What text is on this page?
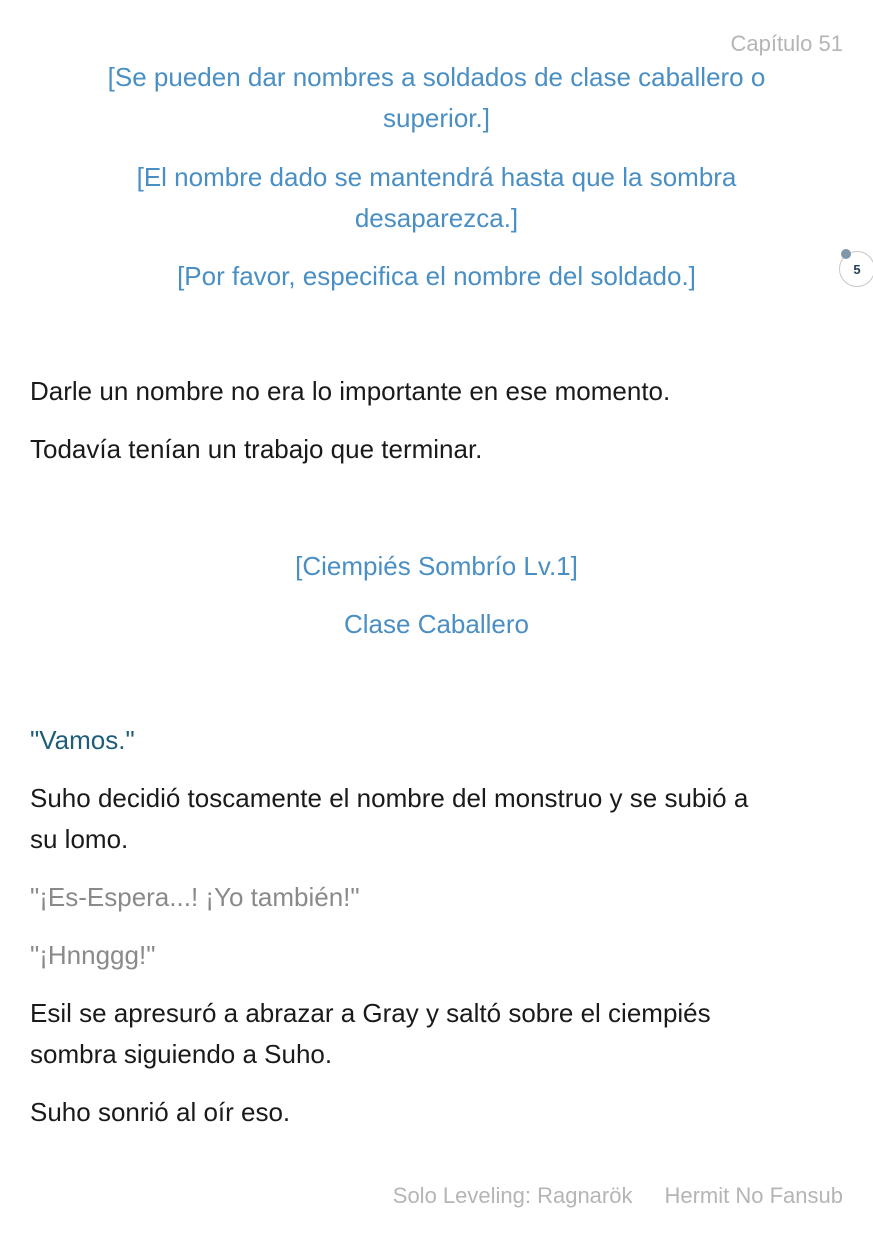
Capítulo 51
[Se pueden dar nombres a soldados de clase caballero o
superior.]
[El nombre dado se mantendrá hasta que la sombra
desaparezca.]
[Por favor, especifica el nombre del soldado.]	5
Darle un nombre no era lo importante en ese momento.
Todavía tenían un trabajo que terminar.
[Ciempiés Sombrío Lv.1]
Clase Caballero
"Vamos."
Suho decidió toscamente el nombre del monstruo y se subió a
su lomo.
"¡Es-Espera...! ¡Yo también!"
"¡Hnnggg!"
Esil se apresuró a abrazar a Gray y saltó sobre el ciempiés
sombra siguiendo a Suho.
Suho sonrió al oír eso.
Solo Leveling: Ragnarök Hermit No Fansub
